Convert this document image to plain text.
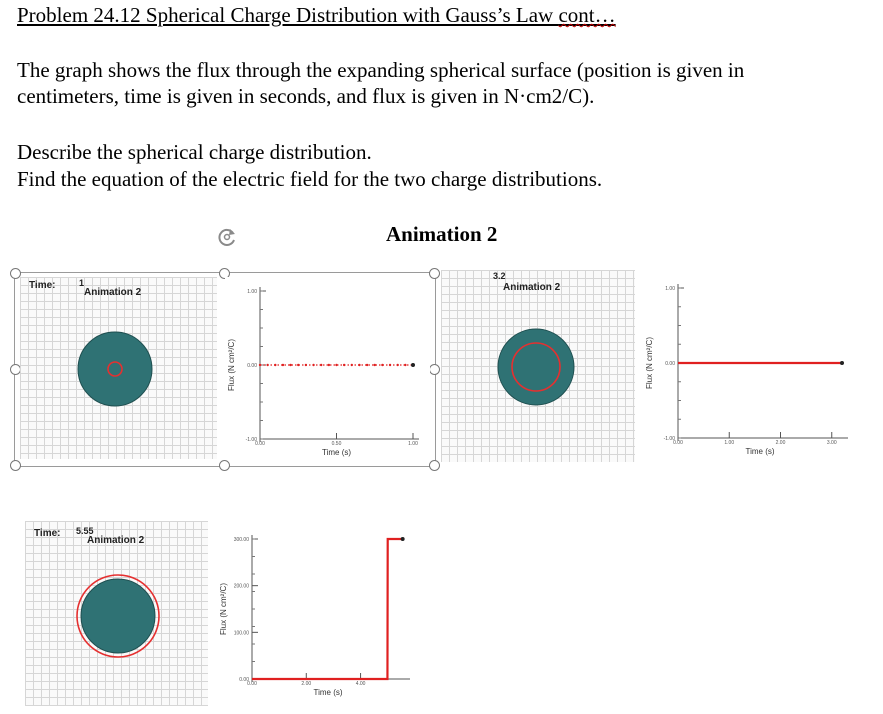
Problem 24.12 Spherical Charge Distribution with Gauss’s Law cont…
The graph shows the flux through the expanding spherical surface (position is given in
centimeters, time is given in seconds, and flux is given in N·cm2/C).
Describe the spherical charge distribution.
Find the equation of the electric field for the two charge distributions.
Animation 2
Time:	1
Animation 2	1.00
0.00
-1.00
0.00	0.50	1.00
Time (s)
Flux (N cm²/C)
3.2
Animation 2	1.00
0.00
-1.00
0.00	1.00	2.00	3.00
Time (s)
Flux (N cm²/C)
Time: 5.55
Animation 2	300.00
200.00
100.00
0.00
0.00	2.00	4.00
Time (s)
Flux (N cm²/C)
